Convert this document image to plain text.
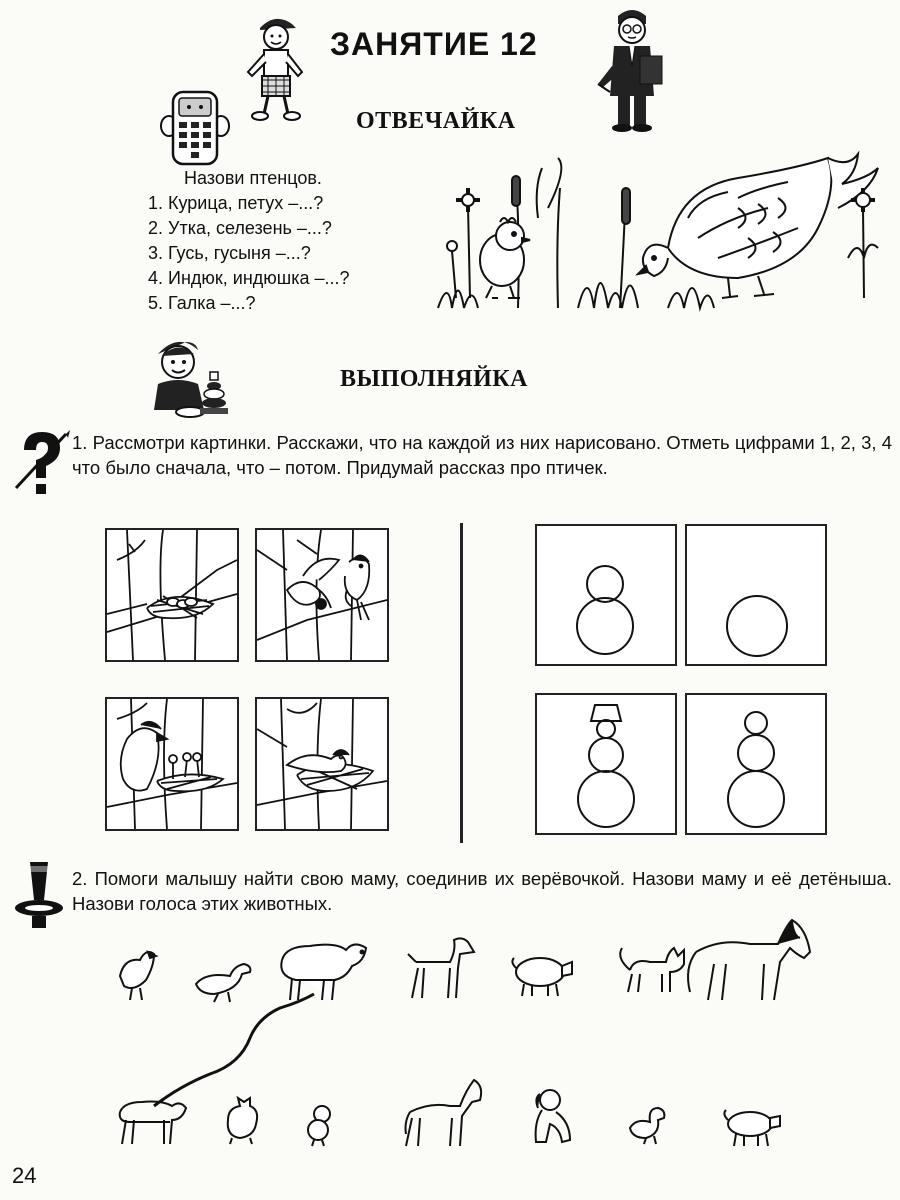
ЗАНЯТИЕ 12
ОТВЕЧАЙКА
Назови птенцов.
1. Курица, петух –...?
2. Утка, селезень –...?
3. Гусь, гусыня –...?
4. Индюк, индюшка –...?
5. Галка –...?
ВЫПОЛНЯЙКА
1. Рассмотри картинки. Расскажи, что на каждой из них нарисовано. Отметь цифрами 1, 2, 3, 4 что было сначала, что – потом. Придумай рассказ про птичек.
2. Помоги малышу найти свою маму, соединив их верёвочкой. Назови маму и её детёныша. Назови голоса этих животных.
24
